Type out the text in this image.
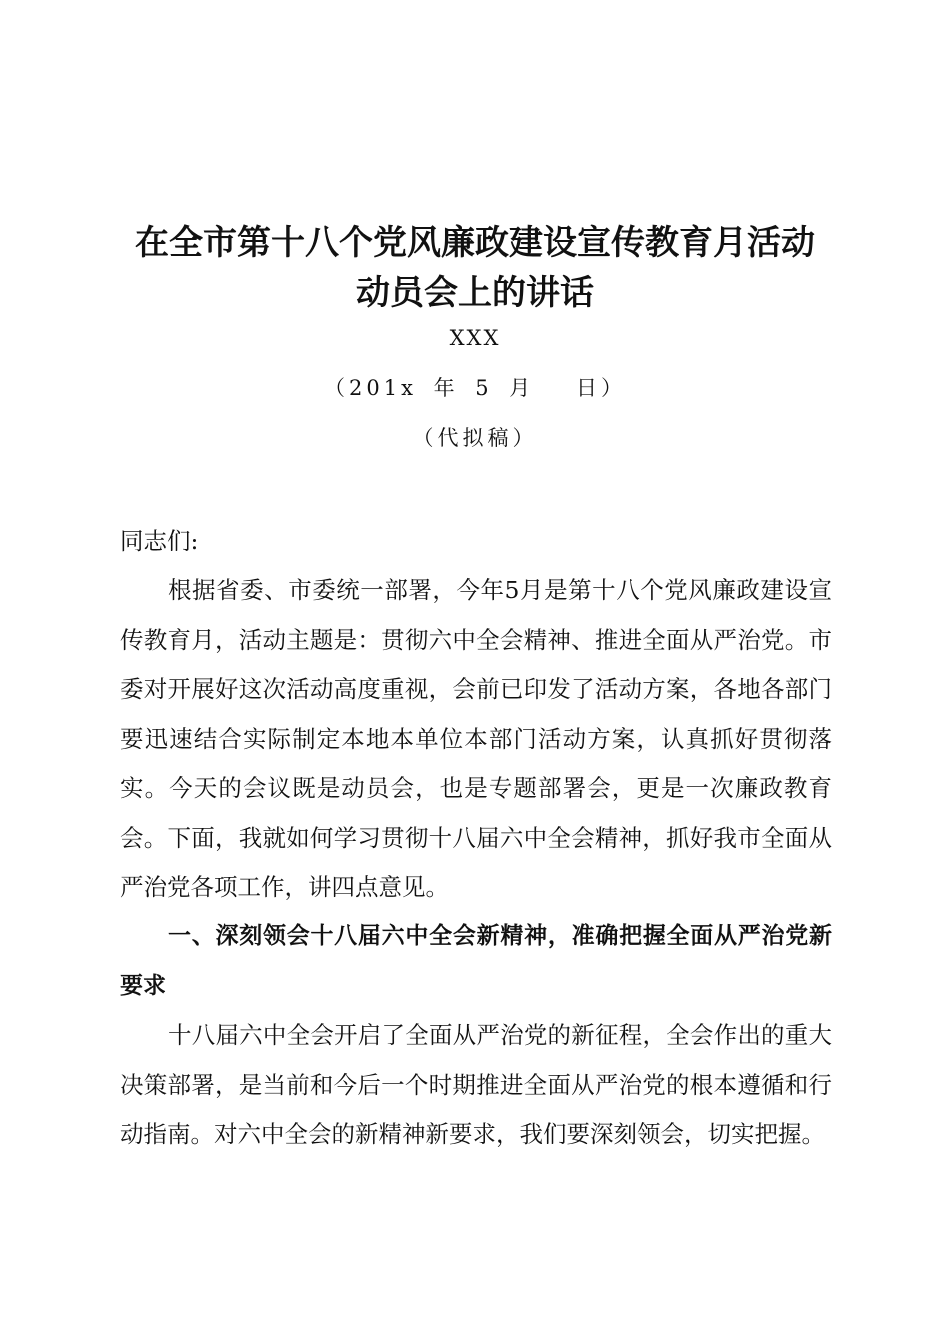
在全市第十八个党风廉政建设宣传教育月活动
动员会上的讲话
XXX
（201x 年 5 月　 日）
（代拟稿）
同志们:
根据省委、市委统一部署，今年5月是第十八个党风廉政建设宣传教育月，活动主题是：贯彻六中全会精神、推进全面从严治党。市委对开展好这次活动高度重视，会前已印发了活动方案，各地各部门要迅速结合实际制定本地本单位本部门活动方案，认真抓好贯彻落实。今天的会议既是动员会，也是专题部署会，更是一次廉政教育会。下面，我就如何学习贯彻十八届六中全会精神，抓好我市全面从严治党各项工作，讲四点意见。
一、深刻领会十八届六中全会新精神，准确把握全面从严治党新要求
十八届六中全会开启了全面从严治党的新征程，全会作出的重大决策部署，是当前和今后一个时期推进全面从严治党的根本遵循和行动指南。对六中全会的新精神新要求，我们要深刻领会，切实把握。
